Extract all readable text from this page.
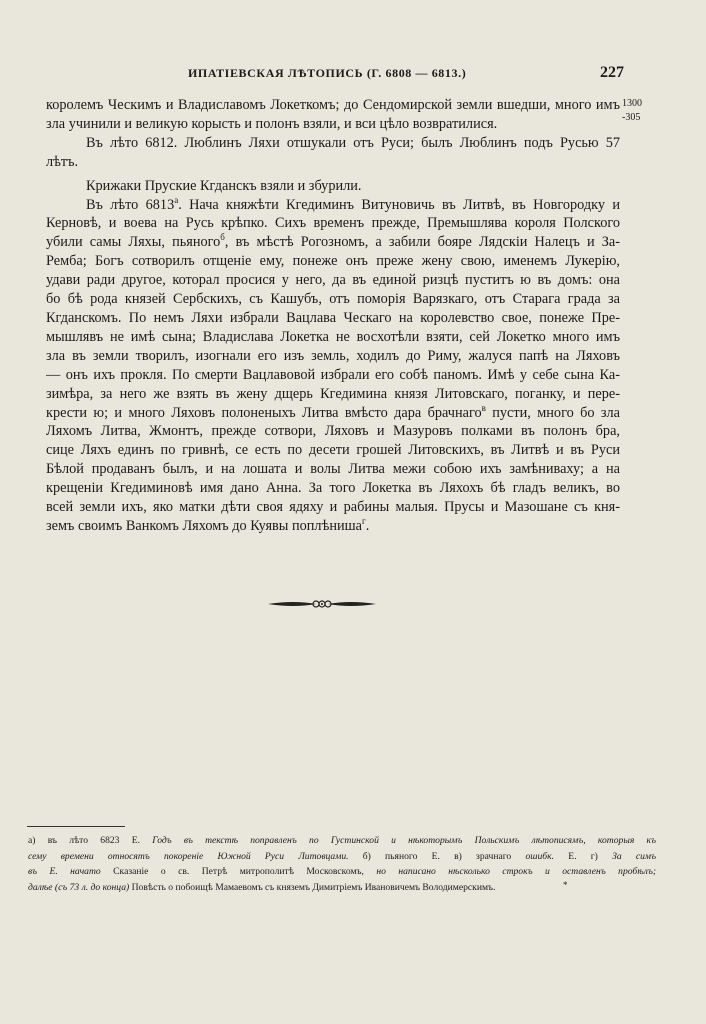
ИПАТІЕВСКАЯ ЛѢТОПИСЬ (Г. 6808 — 6813.)	227
1300
-305

королемъ Ческимъ и Владиславомъ Локеткомъ; до Сендомирской земли вшедши, много имъ
зла учинили и великую корысть и полонъ взяли, и вси цѣло возвратилися.

Въ лѣто 6812. Люблинъ Ляхи отшукали отъ Руси; былъ Люблинъ подъ Русью 57
лѣтъ.

Крижаки Пруские Кгданскъ взяли и збурили.

Въ лѣто $6813^а$. Нача княжѣти Кгедиминъ Витуновичь въ Литвѣ, въ Новгородку и
Керновѣ, и воева на Русь крѣпко. Сихъ временъ прежде, Премышлява короля Полского
убили самы Ляхы, пьяного$^б$, въ мѣстѣ Рогозномъ, а забили бояре Лядскіи Налецъ и За-
Ремба; Богъ сотворилъ отщеніе ему, понеже онъ преже жену свою, именемъ Лукерію,
удави ради другое, которал просися у него, да въ единой ризцѣ пуститъ ю въ домъ: она
бо бѣ рода князей Сербскихъ, съ Кашубъ, отъ поморія Варязкаго, отъ Старага града за
Кгданскомъ. По немъ Ляхи избрали Вацлава Ческаго на королевство свое, понеже Пре-
мышлявъ не имѣ сына; Владислава Локетка не восхотѣли взяти, сей Локетко много имъ
зла въ земли творилъ, изогнали его изъ земль, ходилъ до Риму, жалуся папѣ на Ляховъ
— онъ ихъ прокля. По смерти Вацлавовой избрали его собѣ паномъ. Имѣ у себе сына Ка-
зимѣра, за него же взять въ жену дщерь Кгедимина князя Литовскаго, поганку, и пере-
крести ю; и много Ляховъ полоненыхъ Литва вмѣсто дара брачнаго$^в$ пусти, много бо зла
Ляхомъ Литва, Жмонтъ, прежде сотвори, Ляховъ и Мазуровъ полками въ полонъ бра,
сице Ляхъ единъ по гривнѣ, се есть по десети грошей Литовскихъ, въ Литвѣ и въ Руси
Бѣлой продаванъ былъ, и на лошата и волы Литва межи собою ихъ замѣниваху; а на
крещеніи Кгедиминовѣ имя дано Анна. За того Локетка въ Ляхохъ бѣ гладъ великъ, во
всей земли ихъ, яко матки дѣти своя ядяху и рабины малыя. Прусы и Мазошане съ кня-
земъ своимъ Ванкомъ Ляхомъ до Куявы поплѣниша$^г$.

а) въ лѣто 6823 Е. Годъ въ текстѣ поправленъ по Густинской и нѣкоторымъ Польскимъ лѣтописямъ, которыя къ
сему времени относятъ покореніе Южной Руси Литовцами. б) пьяного Е. в) зрачнаго ошибк. Е. г) За симъ
въ Е. начато Сказаніе о св. Петрѣ митрополитѣ Московскомъ, но написано нѣсколько строкъ и оставленъ пробѣлъ;
далѣе (съ 73 л. до конца) Повѣсть о побоищѣ Мамаевомъ съ княземъ Димитріемъ Ивановичемъ Володимерскимъ.	*
